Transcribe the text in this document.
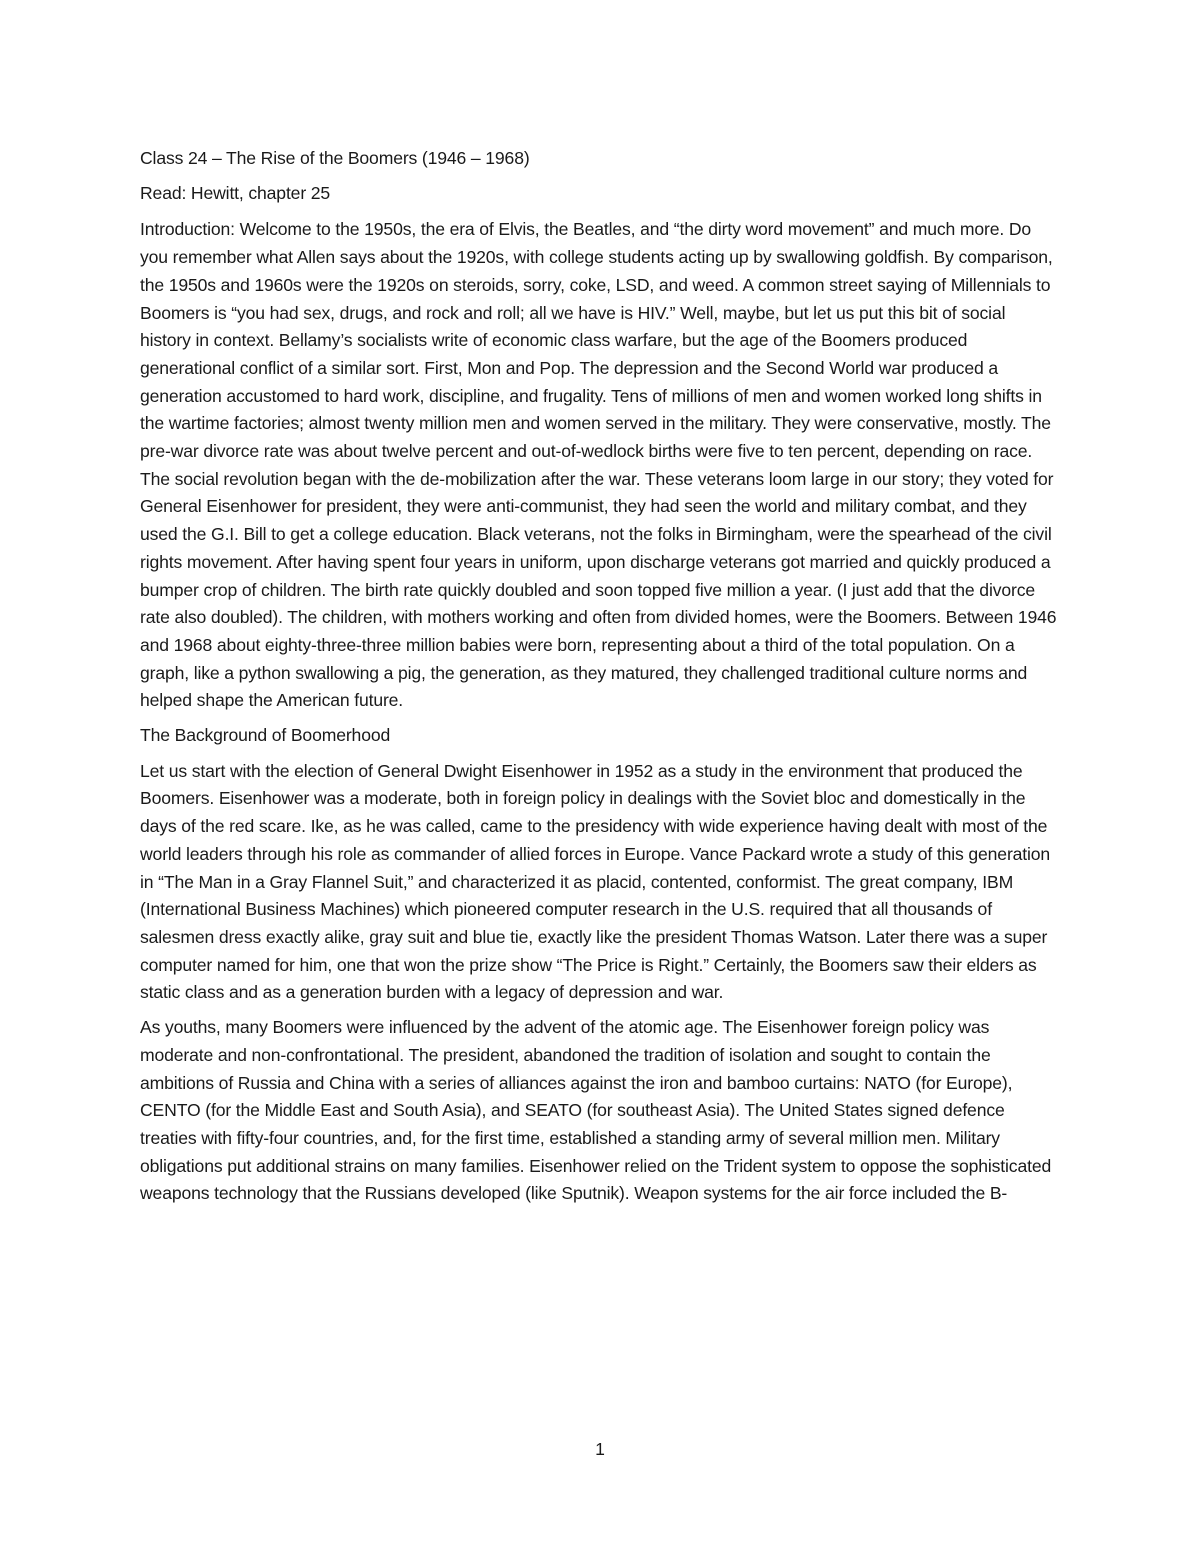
Class 24 – The Rise of the Boomers (1946 – 1968)

Read: Hewitt, chapter 25

Introduction: Welcome to the 1950s, the era of Elvis, the Beatles, and “the dirty word movement” and much more. Do you remember what Allen says about the 1920s, with college students acting up by swallowing goldfish. By comparison, the 1950s and 1960s were the 1920s on steroids, sorry, coke, LSD, and weed. A common street saying of Millennials to Boomers is “you had sex, drugs, and rock and roll; all we have is HIV.” Well, maybe, but let us put this bit of social history in context. Bellamy’s socialists write of economic class warfare, but the age of the Boomers produced generational conflict of a similar sort. First, Mon and Pop. The depression and the Second World war produced a generation accustomed to hard work, discipline, and frugality. Tens of millions of men and women worked long shifts in the wartime factories; almost twenty million men and women served in the military. They were conservative, mostly. The pre-war divorce rate was about twelve percent and out-of-wedlock births were five to ten percent, depending on race. The social revolution began with the de-mobilization after the war. These veterans loom large in our story; they voted for General Eisenhower for president, they were anti-communist, they had seen the world and military combat, and they used the G.I. Bill to get a college education. Black veterans, not the folks in Birmingham, were the spearhead of the civil rights movement. After having spent four years in uniform, upon discharge veterans got married and quickly produced a bumper crop of children. The birth rate quickly doubled and soon topped five million a year. (I just add that the divorce rate also doubled). The children, with mothers working and often from divided homes, were the Boomers. Between 1946 and 1968 about eighty-three-three million babies were born, representing about a third of the total population. On a graph, like a python swallowing a pig, the generation, as they matured, they challenged traditional culture norms and helped shape the American future.

The Background of Boomerhood

Let us start with the election of General Dwight Eisenhower in 1952 as a study in the environment that produced the Boomers. Eisenhower was a moderate, both in foreign policy in dealings with the Soviet bloc and domestically in the days of the red scare. Ike, as he was called, came to the presidency with wide experience having dealt with most of the world leaders through his role as commander of allied forces in Europe. Vance Packard wrote a study of this generation in “The Man in a Gray Flannel Suit,” and characterized it as placid, contented, conformist. The great company, IBM (International Business Machines) which pioneered computer research in the U.S. required that all thousands of salesmen dress exactly alike, gray suit and blue tie, exactly like the president Thomas Watson. Later there was a super computer named for him, one that won the prize show “The Price is Right.” Certainly, the Boomers saw their elders as static class and as a generation burden with a legacy of depression and war.

As youths, many Boomers were influenced by the advent of the atomic age. The Eisenhower foreign policy was moderate and non-confrontational. The president, abandoned the tradition of isolation and sought to contain the ambitions of Russia and China with a series of alliances against the iron and bamboo curtains: NATO (for Europe), CENTO (for the Middle East and South Asia), and SEATO (for southeast Asia). The United States signed defence treaties with fifty-four countries, and, for the first time, established a standing army of several million men. Military obligations put additional strains on many families. Eisenhower relied on the Trident system to oppose the sophisticated weapons technology that the Russians developed (like Sputnik). Weapon systems for the air force included the B-

1
